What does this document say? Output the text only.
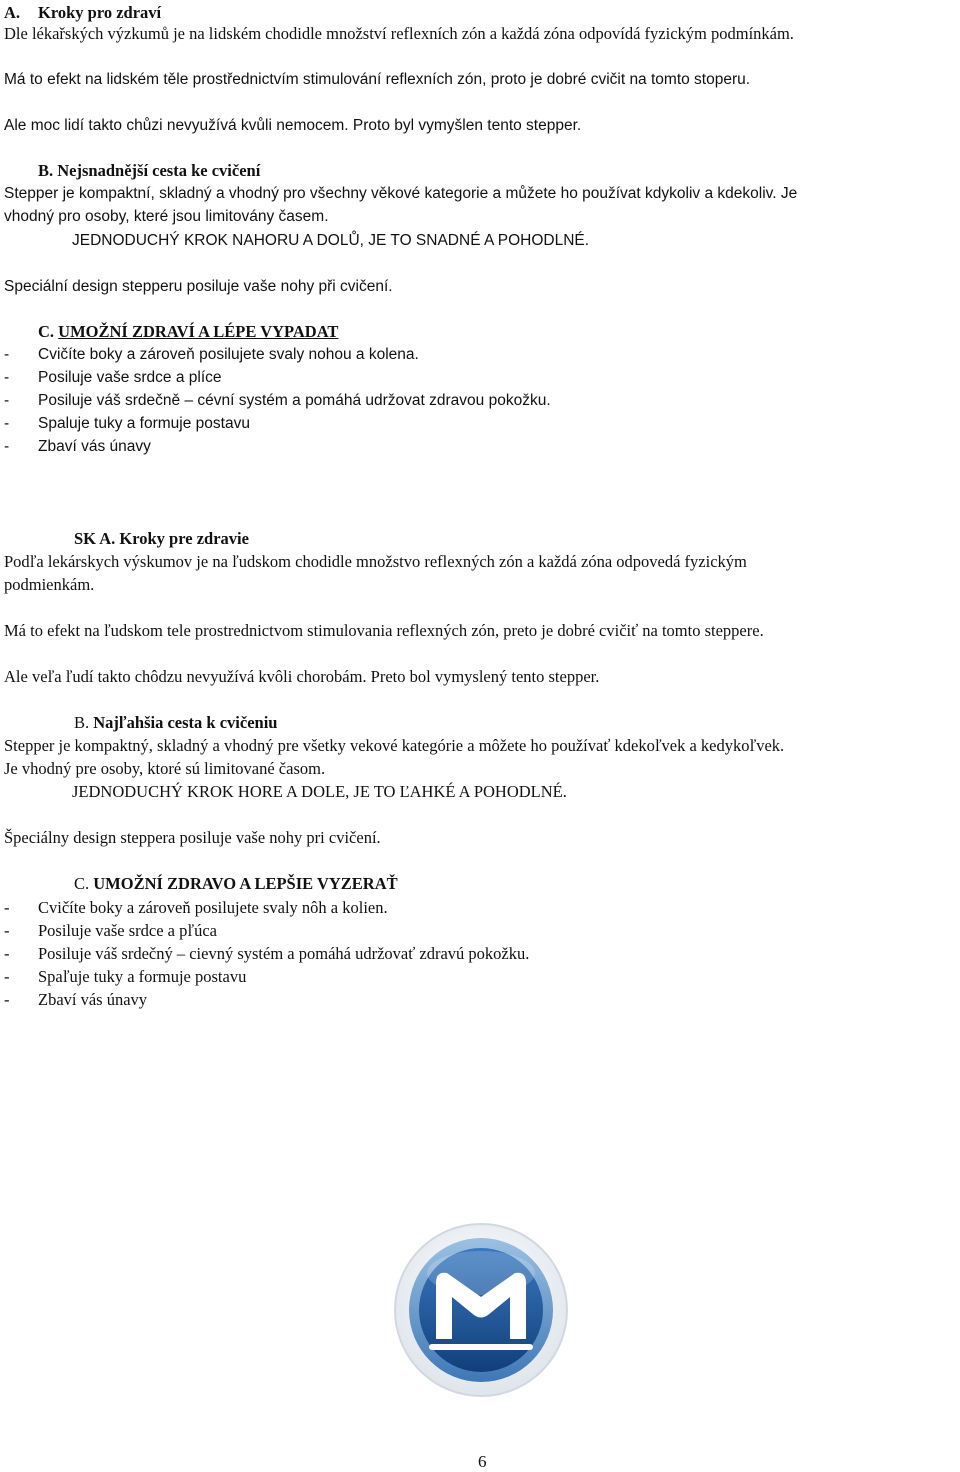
A. Kroky pro zdraví
Dle lékařských výzkumů je na lidském chodidle množství reflexních zón a každá zóna odpovídá fyzickým podmínkám.
Má to efekt na lidském těle prostřednictvím stimulování reflexních zón, proto je dobré cvičit na tomto stoperu.
Ale moc lidí takto chůzi nevyužívá kvůli nemocem. Proto byl vymyšlen tento stepper.
B. Nejsnadnější cesta ke cvičení
Stepper je kompaktní, skladný a vhodný pro všechny věkové kategorie a můžete ho používat kdykoliv a kdekoliv. Je
vhodný pro osoby, které jsou limitovány časem.
JEDNODUCHÝ KROK NAHORU A DOLŮ, JE TO SNADNÉ A POHODLNÉ.
Speciální design stepperu posiluje vaše nohy při cvičení.
C. UMOŽNÍ ZDRAVÍ A LÉPE VYPADAT
- Cvičíte boky a zároveň posilujete svaly nohou a kolena.
- Posiluje vaše srdce a plíce
- Posiluje váš srdečně – cévní systém a pomáhá udržovat zdravou pokožku.
- Spaluje tuky a formuje postavu
- Zbaví vás únavy
SK A. Kroky pre zdravie
Podľa lekárskych výskumov je na ľudskom chodidle množstvo reflexných zón a každá zóna odpovedá fyzickým
podmienkám.
Má to efekt na ľudskom tele prostrednictvom stimulovania reflexných zón, preto je dobré cvičiť na tomto steppere.
Ale veľa ľudí takto chôdzu nevyužívá kvôli chorobám. Preto bol vymyslený tento stepper.
B. Najľahšia cesta k cvičeniu
Stepper je kompaktný, skladný a vhodný pre všetky vekové kategórie a môžete ho používať kdekoľvek a kedykoľvek.
Je vhodný pre osoby, ktoré sú limitované časom.
JEDNODUCHÝ KROK HORE A DOLE, JE TO ĽAHKÉ A POHODLNÉ.
Špeciálny design steppera posiluje vaše nohy pri cvičení.
C. UMOŽNÍ ZDRAVO A LEPŠIE VYZERAŤ
- Cvičíte boky a zároveň posilujete svaly nôh a kolien.
- Posiluje vaše srdce a pľúca
- Posiluje váš srdečný – cievný systém a pomáhá udržovať zdravú pokožku.
- Spaľuje tuky a formuje postavu
- Zbaví vás únavy
6
